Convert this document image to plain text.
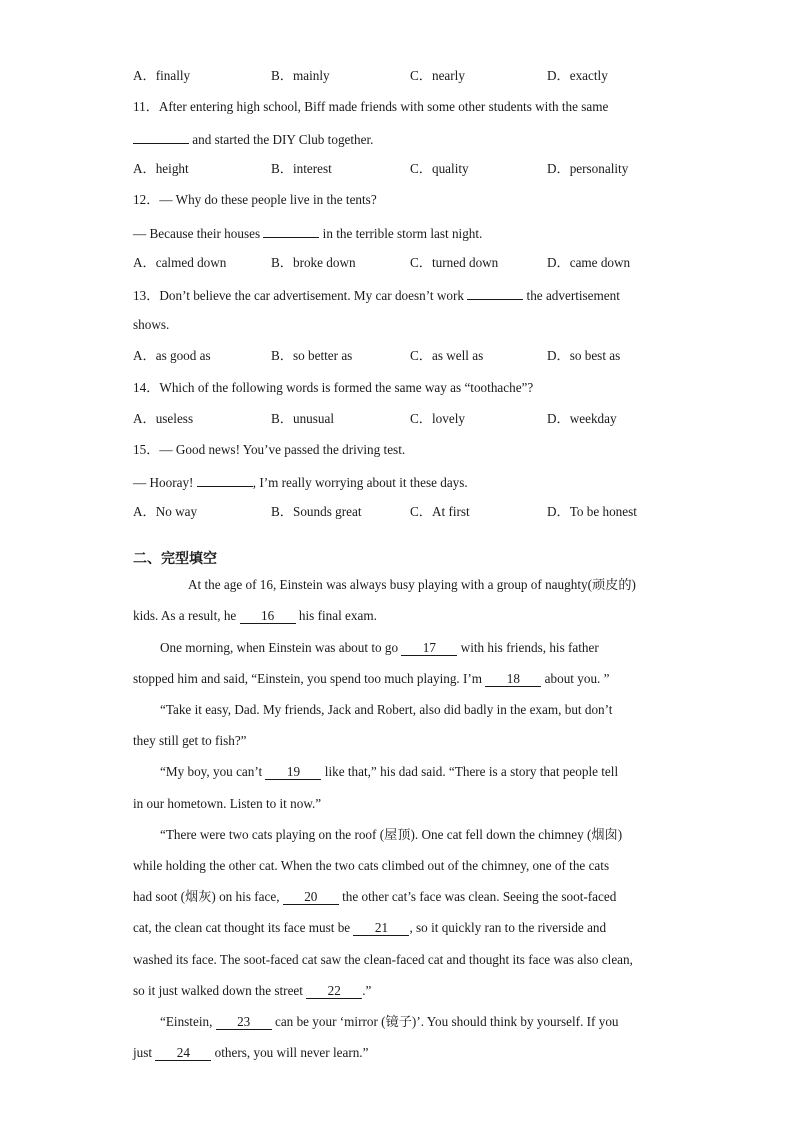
A．finally	B．mainly	C．nearly	D．exactly
11．After entering high school, Biff made friends with some other students with the same
and started the DIY Club together.
A．height	B．interest	C．quality	D．personality
12．— Why do these people live in the tents?
— Because their houses	in the terrible storm last night.
A．calmed down	B．broke down	C．turned down	D．came down
13．Don’t believe the car advertisement. My car doesn’t work	the advertisement
shows.
A．as good as	B．so better as	C．as well as	D．so best as
14．Which of the following words is formed the same way as “toothache”?
A．useless	B．unusual	C．lovely	D．weekday
15．— Good news! You’ve passed the driving test.
— Hooray!	, I’m really worrying about it these days.
A．No way	B．Sounds great	C．At first	D．To be honest
二、完型填空
At the age of 16, Einstein was always busy playing with a group of naughty(顽皮的)
kids. As a result, he 16 his final exam.
One morning, when Einstein was about to go 17 with his friends, his father
stopped him and said, “Einstein, you spend too much playing. I’m 18 about you. ”
“Take it easy, Dad. My friends, Jack and Robert, also did badly in the exam, but don’t
they still get to fish?”
“My boy, you can’t 19 like that,” his dad said. “There is a story that people tell
in our hometown. Listen to it now.”
“There were two cats playing on the roof (屋顶). One cat fell down the chimney (烟囱)
while holding the other cat. When the two cats climbed out of the chimney, one of the cats
had soot (烟灰) on his face, 20 the other cat’s face was clean. Seeing the soot-faced
cat, the clean cat thought its face must be 21 , so it quickly ran to the riverside and
washed its face. The soot-faced cat saw the clean-faced cat and thought its face was also clean,
so it just walked down the street 22 .”
“Einstein, 23 can be your ‘mirror (镜子)’. You should think by yourself. If you
just 24 others, you will never learn.”
